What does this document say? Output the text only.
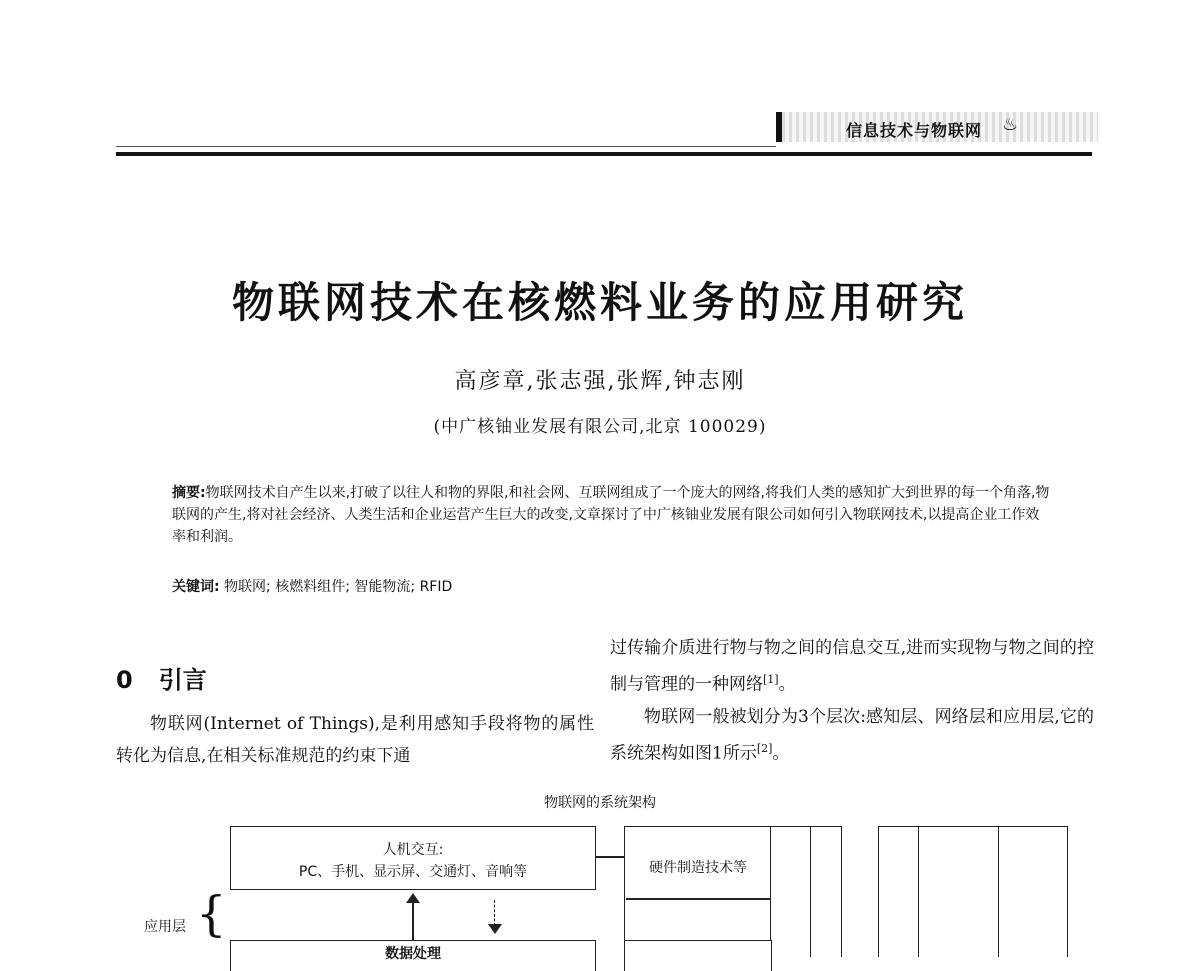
信息技术与物联网 ♨
物联网技术在核燃料业务的应用研究
高彦章,张志强,张辉,钟志刚
(中广核铀业发展有限公司,北京 100029)
摘要:物联网技术自产生以来,打破了以往人和物的界限,和社会网、互联网组成了一个庞大的网络,将我们人类的感知扩大到世界的每一个角落,物联网的产生,将对社会经济、人类生活和企业运营产生巨大的改变,文章探讨了中广核铀业发展有限公司如何引入物联网技术,以提高企业工作效率和利润。
关键词: 物联网; 核燃料组件; 智能物流; RFID
0 引言
物联网(Internet of Things),是利用感知手段将物的属性转化为信息,在相关标准规范的约束下通
过传输介质进行物与物之间的信息交互,进而实现物与物之间的控制与管理的一种网络[1]。
物联网一般被划分为3个层次:感知层、网络层和应用层,它的系统架构如图1所示[2]。
物联网的系统架构
人机交互:
PC、手机、显示屏、交通灯、音响等	硬件制造技术等
应用层 {
数据处理
